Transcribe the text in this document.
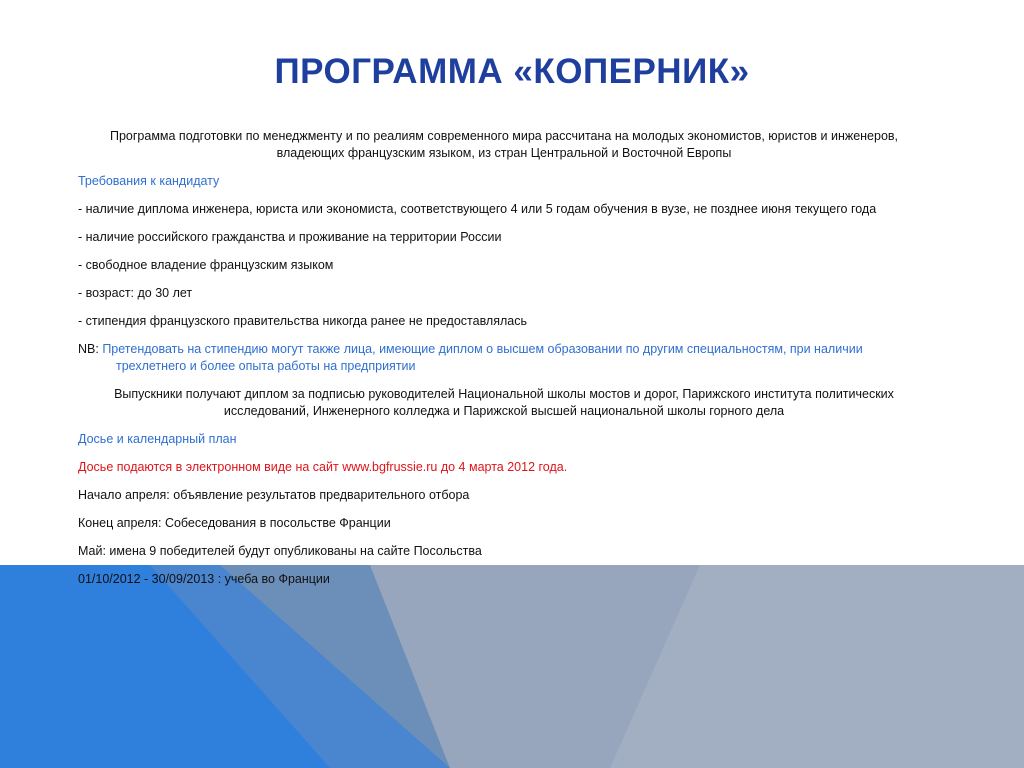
ПРОГРАММА «КОПЕРНИК»

Программа подготовки по менеджменту и по реалиям современного мира рассчитана на молодых экономистов, юристов и инженеров, владеющих французским языком, из стран Центральной и Восточной Европы

Требования к кандидату

- наличие диплома инженера, юриста или экономиста, соответствующего 4 или 5 годам обучения в вузе, не позднее июня текущего года

- наличие российского гражданства и проживание на территории России

- свободное владение французским языком

- возраст: до 30 лет

- стипендия французского правительства никогда ранее не предоставлялась

NB: Претендовать на стипендию могут также лица, имеющие диплом о высшем образовании по другим специальностям, при наличии трехлетнего и более опыта работы на предприятии

Выпускники получают диплом за подписью руководителей Национальной школы мостов и дорог, Парижского института политических исследований, Инженерного колледжа и Парижской высшей национальной школы горного дела

Досье и календарный план

Досье подаются в электронном виде на сайт www.bgfrussie.ru до 4 марта 2012 года.

Начало апреля: объявление результатов предварительного отбора

Конец апреля: Собеседования в посольстве Франции

Май: имена 9 победителей будут опубликованы на сайте Посольства

01/10/2012 - 30/09/2013 : учеба во Франции
